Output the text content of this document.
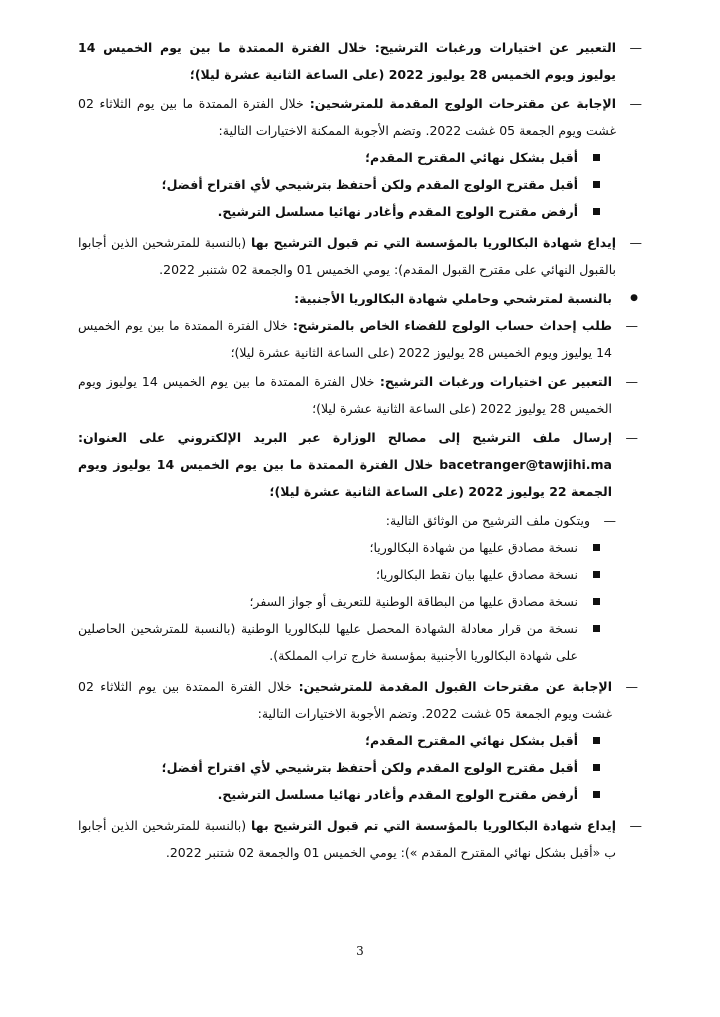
— التعبير عن اختيارات ورغبات الترشيح: خلال الفترة الممتدة ما بين يوم الخميس 14 يوليوز ويوم الخميس 28 يوليوز 2022 (على الساعة الثانية عشرة ليلا)؛
— الإجابة عن مقترحات الولوج المقدمة للمترشحين: خلال الفترة الممتدة ما بين يوم الثلاثاء 02 غشت ويوم الجمعة 05 غشت 2022. وتضم الأجوبة الممكنة الاختيارات التالية:
أقبل بشكل نهائي المقترح المقدم؛
أقبل مقترح الولوج المقدم ولكن أحتفظ بترشيحي لأي اقتراح أفضل؛
أرفض مقترح الولوج المقدم وأغادر نهائيا مسلسل الترشيح.
— إيداع شهادة البكالوريا بالمؤسسة التي تم قبول الترشيح بها (بالنسبة للمترشحين الذين أجابوا بالقبول النهائي على مقترح القبول المقدم): يومي الخميس 01 والجمعة 02 شتنبر 2022.
● بالنسبة لمترشحي وحاملي شهادة البكالوريا الأجنبية:
— طلب إحداث حساب الولوج للفضاء الخاص بالمترشح: خلال الفترة الممتدة ما بين يوم الخميس 14 يوليوز ويوم الخميس 28 يوليوز 2022 (على الساعة الثانية عشرة ليلا)؛
— التعبير عن اختيارات ورغبات الترشيح: خلال الفترة الممتدة ما بين يوم الخميس 14 يوليوز ويوم الخميس 28 يوليوز 2022 (على الساعة الثانية عشرة ليلا)؛
— إرسال ملف الترشيح إلى مصالح الوزارة عبر البريد الإلكتروني على العنوان: bacetranger@tawjihi.ma خلال الفترة الممتدة ما بين يوم الخميس 14 يوليوز ويوم الجمعة 22 يوليوز 2022 (على الساعة الثانية عشرة ليلا)؛
— ويتكون ملف الترشيح من الوثائق التالية:
نسخة مصادق عليها من شهادة البكالوريا؛
نسخة مصادق عليها بيان نقط البكالوريا؛
نسخة مصادق عليها من البطاقة الوطنية للتعريف أو جواز السفر؛
نسخة من قرار معادلة الشهادة المحصل عليها للبكالوريا الوطنية (بالنسبة للمترشحين الحاصلين على شهادة البكالوريا الأجنبية بمؤسسة خارج تراب المملكة).
— الإجابة عن مقترحات القبول المقدمة للمترشحين: خلال الفترة الممتدة بين يوم الثلاثاء 02 غشت ويوم الجمعة 05 غشت 2022. وتضم الأجوبة الاختيارات التالية:
أقبل بشكل نهائي المقترح المقدم؛
أقبل مقترح الولوج المقدم ولكن أحتفظ بترشيحي لأي اقتراح أفضل؛
أرفض مقترح الولوج المقدم وأغادر نهائيا مسلسل الترشيح.
— إيداع شهادة البكالوريا بالمؤسسة التي تم قبول الترشيح بها (بالنسبة للمترشحين الذين أجابوا ب «أقبل بشكل نهائي المقترح المقدم »): يومي الخميس 01 والجمعة 02 شتنبر 2022.
3
